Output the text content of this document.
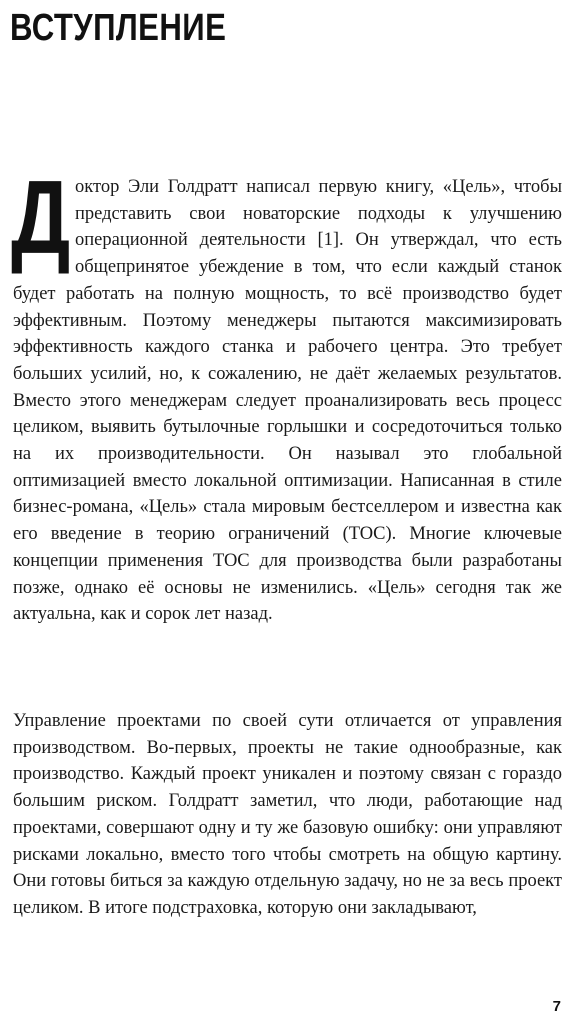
ВСТУПЛЕНИЕ

Доктор Эли Голдратт написал первую книгу, «Цель», чтобы представить свои новаторские подходы к улучшению операционной деятельности [1]. Он утверждал, что есть общепринятое убеждение в том, что если каждый станок будет работать на полную мощность, то всё производство будет эффективным. Поэтому менеджеры пытаются максимизировать эффективность каждого станка и рабочего центра. Это требует больших усилий, но, к сожалению, не даёт желаемых результатов. Вместо этого менеджерам следует проанализировать весь процесс целиком, выявить бутылочные горлышки и сосредоточиться только на их производительности. Он называл это глобальной оптимизацией вместо локальной оптимизации. Написанная в стиле бизнес-романа, «Цель» стала мировым бестселлером и известна как его введение в теорию ограничений (TOC). Многие ключевые концепции применения TOC для производства были разработаны позже, однако её основы не изменились. «Цель» сегодня так же актуальна, как и сорок лет назад.

Управление проектами по своей сути отличается от управления производством. Во-первых, проекты не такие однообразные, как производство. Каждый проект уникален и поэтому связан с гораздо большим риском. Голдратт заметил, что люди, работающие над проектами, совершают одну и ту же базовую ошибку: они управляют рисками локально, вместо того чтобы смотреть на общую картину. Они готовы биться за каждую отдельную задачу, но не за весь проект целиком. В итоге подстраховка, которую они закладывают,

7
